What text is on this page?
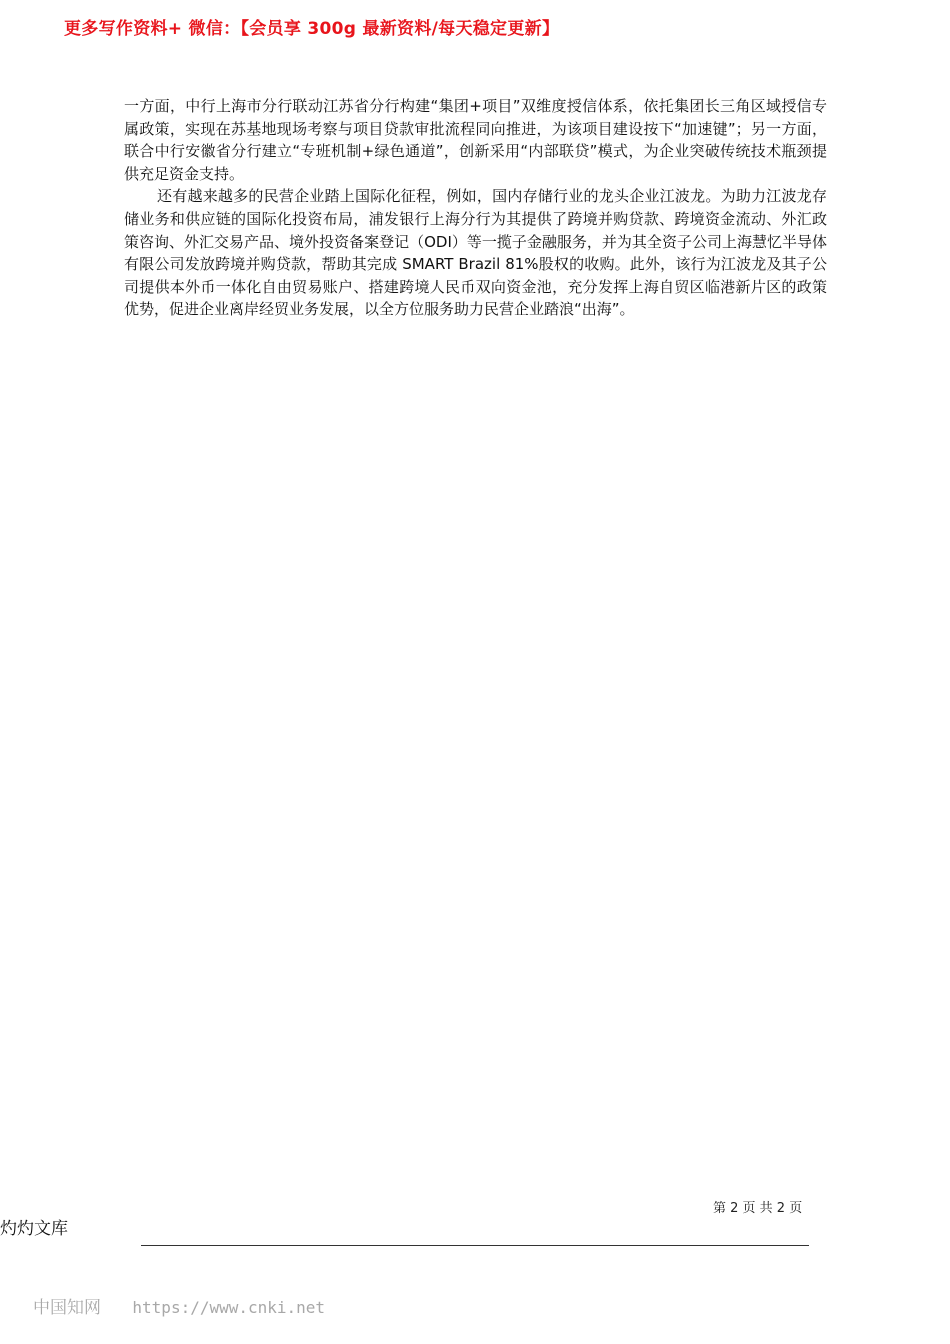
更多写作资料+ 微信：【会员享 300g 最新资料/每天稳定更新】

一方面，中行上海市分行联动江苏省分行构建“集团+项目”双维度授信体系，依托集团长三角区域授信专属政策，实现在苏基地现场考察与项目贷款审批流程同向推进，为该项目建设按下“加速键”；另一方面，联合中行安徽省分行建立“专班机制+绿色通道”，创新采用“内部联贷”模式，为企业突破传统技术瓶颈提供充足资金支持。

还有越来越多的民营企业踏上国际化征程，例如，国内存储行业的龙头企业江波龙。为助力江波龙存储业务和供应链的国际化投资布局，浦发银行上海分行为其提供了跨境并购贷款、跨境资金流动、外汇政策咨询、外汇交易产品、境外投资备案登记（ODI）等一揽子金融服务，并为其全资子公司上海慧忆半导体有限公司发放跨境并购贷款，帮助其完成 SMART Brazil 81%股权的收购。此外，该行为江波龙及其子公司提供本外币一体化自由贸易账户、搭建跨境人民币双向资金池，充分发挥上海自贸区临港新片区的政策优势，促进企业离岸经贸业务发展，以全方位服务助力民营企业踏浪“出海”。

第 2 页 共 2 页
灼灼文库
中国知网 https://www.cnki.net
